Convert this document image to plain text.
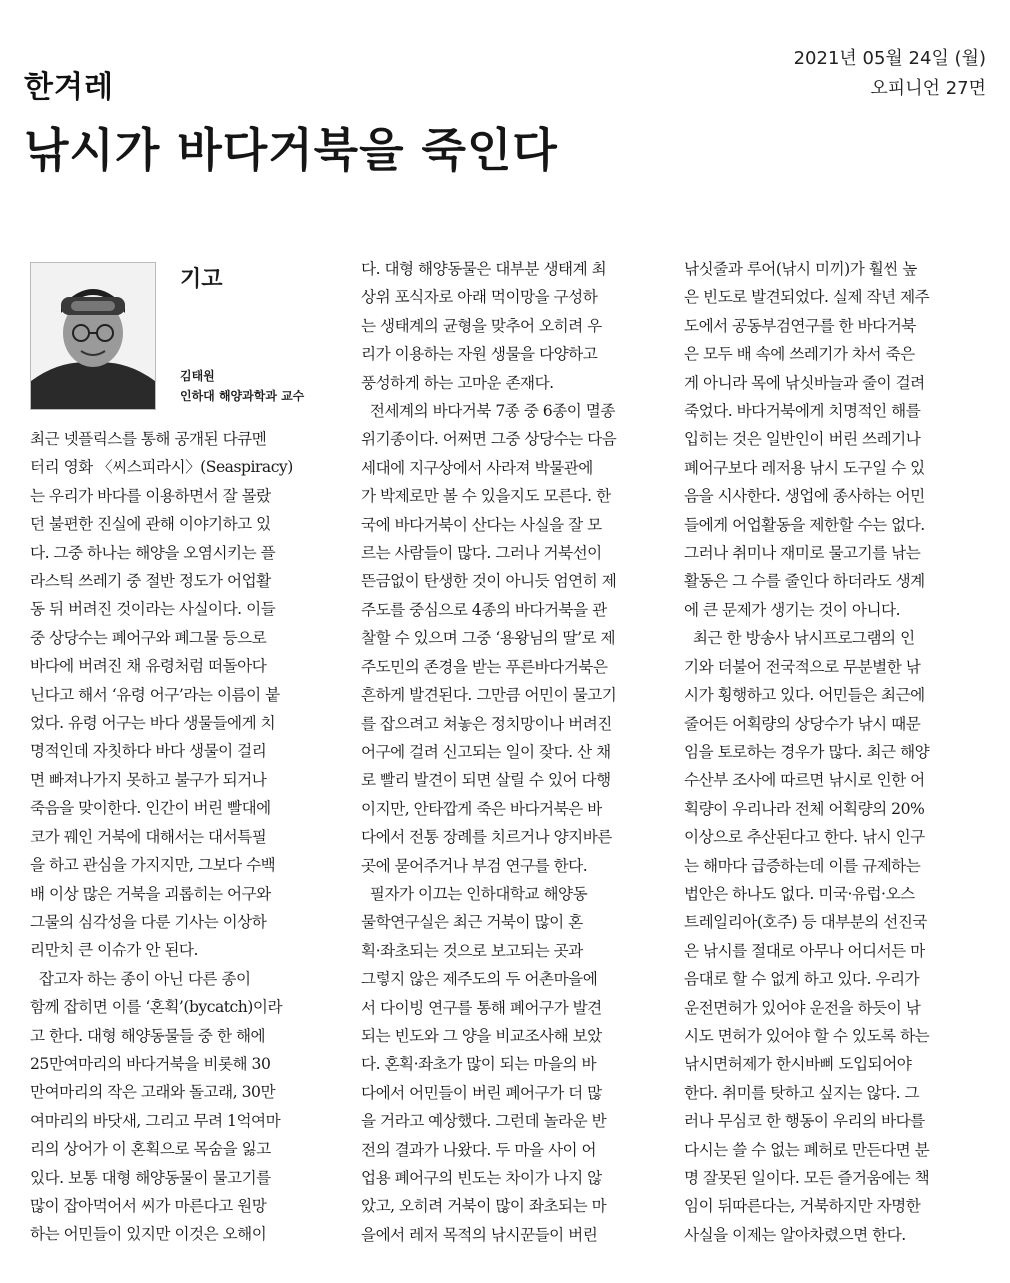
한겨레
2021년 05월 24일 (월)
오피니언 27면
낚시가 바다거북을 죽인다
기고
김태원
인하대 해양과학과 교수

최근 넷플릭스를 통해 공개된 다큐멘

터리 영화 〈씨스피라시〉(Seaspiracy)

는 우리가 바다를 이용하면서 잘 몰랐

던 불편한 진실에 관해 이야기하고 있

다. 그중 하나는 해양을 오염시키는 플

라스틱 쓰레기 중 절반 정도가 어업활

동 뒤 버려진 것이라는 사실이다. 이들

중 상당수는 폐어구와 폐그물 등으로

바다에 버려진 채 유령처럼 떠돌아다

닌다고 해서 ‘유령 어구’라는 이름이 붙

었다. 유령 어구는 바다 생물들에게 치

명적인데 자칫하다 바다 생물이 걸리

면 빠져나가지 못하고 불구가 되거나

죽음을 맞이한다. 인간이 버린 빨대에

코가 꿰인 거북에 대해서는 대서특필

을 하고 관심을 가지지만, 그보다 수백

배 이상 많은 거북을 괴롭히는 어구와

그물의 심각성을 다룬 기사는 이상하

리만치 큰 이슈가 안 된다.

잡고자 하는 종이 아닌 다른 종이

함께 잡히면 이를 ‘혼획’(bycatch)이라

고 한다. 대형 해양동물들 중 한 해에

25만여마리의 바다거북을 비롯해 30

만여마리의 작은 고래와 돌고래, 30만

여마리의 바닷새, 그리고 무려 1억여마

리의 상어가 이 혼획으로 목숨을 잃고

있다. 보통 대형 해양동물이 물고기를

많이 잡아먹어서 씨가 마른다고 원망

하는 어민들이 있지만 이것은 오해이

다. 대형 해양동물은 대부분 생태계 최

상위 포식자로 아래 먹이망을 구성하

는 생태계의 균형을 맞추어 오히려 우

리가 이용하는 자원 생물을 다양하고

풍성하게 하는 고마운 존재다.

전세계의 바다거북 7종 중 6종이 멸종

위기종이다. 어쩌면 그중 상당수는 다음

세대에 지구상에서 사라져 박물관에

가 박제로만 볼 수 있을지도 모른다. 한

국에 바다거북이 산다는 사실을 잘 모

르는 사람들이 많다. 그러나 거북선이

뜬금없이 탄생한 것이 아니듯 엄연히 제

주도를 중심으로 4종의 바다거북을 관

찰할 수 있으며 그중 ‘용왕님의 딸’로 제

주도민의 존경을 받는 푸른바다거북은

흔하게 발견된다. 그만큼 어민이 물고기

를 잡으려고 쳐놓은 정치망이나 버려진

어구에 걸려 신고되는 일이 잦다. 산 채

로 빨리 발견이 되면 살릴 수 있어 다행

이지만, 안타깝게 죽은 바다거북은 바

다에서 전통 장례를 치르거나 양지바른

곳에 묻어주거나 부검 연구를 한다.

필자가 이끄는 인하대학교 해양동

물학연구실은 최근 거북이 많이 혼

획·좌초되는 것으로 보고되는 곳과

그렇지 않은 제주도의 두 어촌마을에

서 다이빙 연구를 통해 폐어구가 발견

되는 빈도와 그 양을 비교조사해 보았

다. 혼획·좌초가 많이 되는 마을의 바

다에서 어민들이 버린 폐어구가 더 많

을 거라고 예상했다. 그런데 놀라운 반

전의 결과가 나왔다. 두 마을 사이 어

업용 폐어구의 빈도는 차이가 나지 않

았고, 오히려 거북이 많이 좌초되는 마

을에서 레저 목적의 낚시꾼들이 버린

낚싯줄과 루어(낚시 미끼)가 훨씬 높

은 빈도로 발견되었다. 실제 작년 제주

도에서 공동부검연구를 한 바다거북

은 모두 배 속에 쓰레기가 차서 죽은

게 아니라 목에 낚싯바늘과 줄이 걸려

죽었다. 바다거북에게 치명적인 해를

입히는 것은 일반인이 버린 쓰레기나

폐어구보다 레저용 낚시 도구일 수 있

음을 시사한다. 생업에 종사하는 어민

들에게 어업활동을 제한할 수는 없다.

그러나 취미나 재미로 물고기를 낚는

활동은 그 수를 줄인다 하더라도 생계

에 큰 문제가 생기는 것이 아니다.

최근 한 방송사 낚시프로그램의 인

기와 더불어 전국적으로 무분별한 낚

시가 횡행하고 있다. 어민들은 최근에

줄어든 어획량의 상당수가 낚시 때문

임을 토로하는 경우가 많다. 최근 해양

수산부 조사에 따르면 낚시로 인한 어

획량이 우리나라 전체 어획량의 20%

이상으로 추산된다고 한다. 낚시 인구

는 해마다 급증하는데 이를 규제하는

법안은 하나도 없다. 미국·유럽·오스

트레일리아(호주) 등 대부분의 선진국

은 낚시를 절대로 아무나 어디서든 마

음대로 할 수 없게 하고 있다. 우리가

운전면허가 있어야 운전을 하듯이 낚

시도 면허가 있어야 할 수 있도록 하는

낚시면허제가 한시바삐 도입되어야

한다. 취미를 탓하고 싶지는 않다. 그

러나 무심코 한 행동이 우리의 바다를

다시는 쓸 수 없는 폐허로 만든다면 분

명 잘못된 일이다. 모든 즐거움에는 책

임이 뒤따른다는, 거북하지만 자명한

사실을 이제는 알아차렸으면 한다.
